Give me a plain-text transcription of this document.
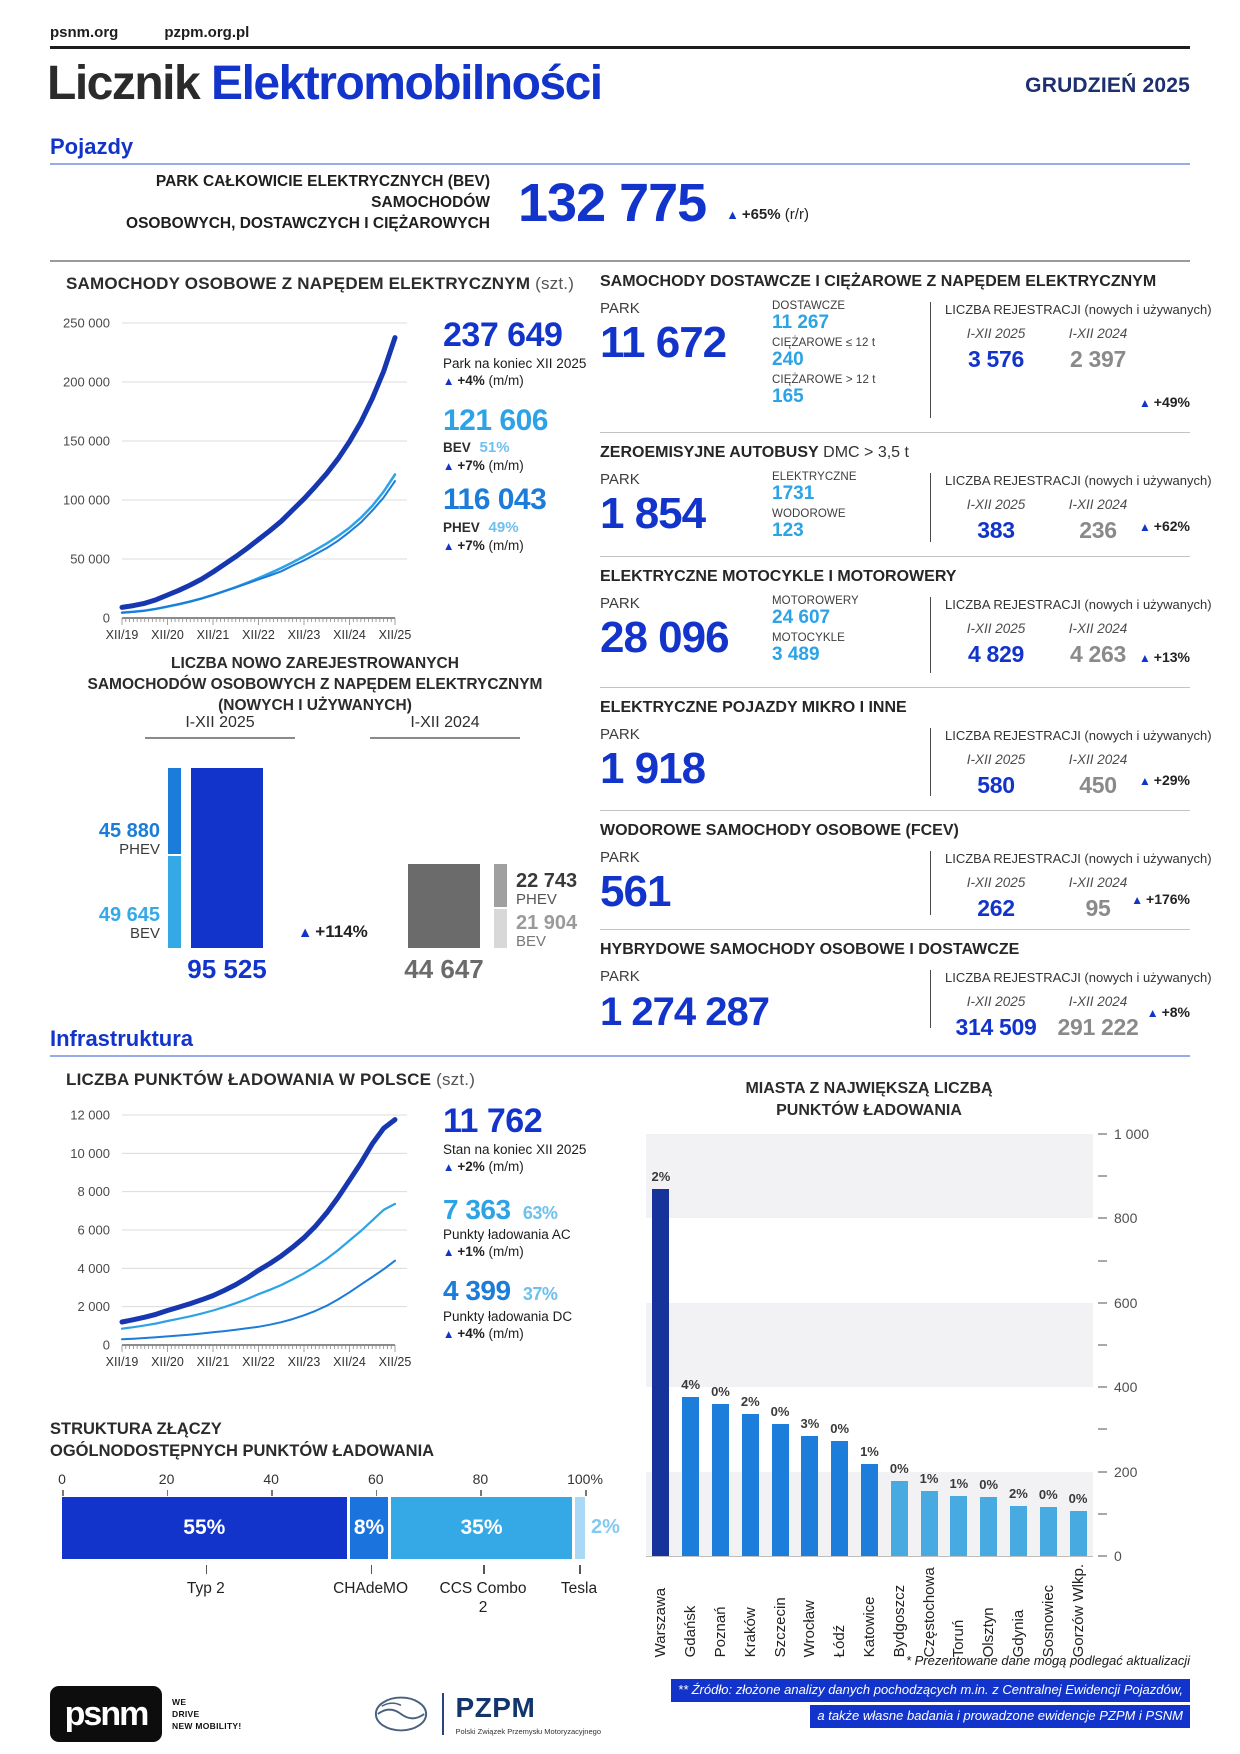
psnm.org	pzpm.org.pl
Licznik Elektromobilności	GRUDZIEŃ 2025
Pojazdy
PARK CAŁKOWICIE ELEKTRYCZNYCH (BEV) SAMOCHODÓW
OSOBOWYCH, DOSTAWCZYCH I CIĘŻAROWYCH 132 775 ▲ +65% (r/r)
SAMOCHODY OSOBOWE Z NAPĘDEM ELEKTRYCZNYM (szt.)
250 000
200 000
150 000
100 000
50 000
0
XII/19 XII/20 XII/21 XII/22 XII/23 XII/24 XII/25
237 649
Park na koniec XII 2025
▲ +4% (m/m)
121 606
BEV 51%
▲ +7% (m/m)
116 043
PHEV 49%
▲ +7% (m/m)
LICZBA NOWO ZAREJESTROWANYCH
SAMOCHODÓW OSOBOWYCH Z NAPĘDEM ELEKTRYCZNYM
(NOWYCH I UŻYWANYCH)
I-XII 2025	I-XII 2024
45 880
PHEV
49 645
BEV
95 525
▲ +114%
44 647
22 743
PHEV
21 904
BEV
SAMOCHODY DOSTAWCZE I CIĘŻAROWE Z NAPĘDEM ELEKTRYCZNYM
PARK
11 672
DOSTAWCZE
11 267
CIĘŻAROWE ≤ 12 t
240
CIĘŻAROWE > 12 t
165
LICZBA REJESTRACJI (nowych i używanych)
I-XII 2025
3 576
I-XII 2024
2 397
▲ +49%
ZEROEMISYJNE AUTOBUSY DMC > 3,5 t
PARK
1 854
ELEKTRYCZNE
1731
WODOROWE
123
LICZBA REJESTRACJI (nowych i używanych)
I-XII 2025
383
I-XII 2024
236	▲ +62%
ELEKTRYCZNE MOTOCYKLE I MOTOROWERY
PARK
28 096
MOTOROWERY
24 607
MOTOCYKLE
3 489
LICZBA REJESTRACJI (nowych i używanych)
I-XII 2025
4 829
I-XII 2024
4 263	▲ +13%
ELEKTRYCZNE POJAZDY MIKRO I INNE
PARK
1 918
LICZBA REJESTRACJI (nowych i używanych)
I-XII 2025
580
I-XII 2024
450	▲ +29%
WODOROWE SAMOCHODY OSOBOWE (FCEV)
PARK
561
LICZBA REJESTRACJI (nowych i używanych)
I-XII 2025
262
I-XII 2024
95	▲ +176%
HYBRYDOWE SAMOCHODY OSOBOWE I DOSTAWCZE
PARK
1 274 287
LICZBA REJESTRACJI (nowych i używanych)
I-XII 2025
314 509
I-XII 2024
291 222
▲ +8%
Infrastruktura
LICZBA PUNKTÓW ŁADOWANIA W POLSCE (szt.)
12 000
10 000
8 000
6 000
4 000
2 000
0
XII/19 XII/20 XII/21 XII/22 XII/23 XII/24 XII/25
11 762
Stan na koniec XII 2025
▲ +2% (m/m)
7 363 63%
Punkty ładowania AC
▲ +1% (m/m)
4 399 37%
Punkty ładowania DC
▲ +4% (m/m)
STRUKTURA ZŁĄCZY
OGÓLNODOSTĘPNYCH PUNKTÓW ŁADOWANIA
0	20	40	60	80	100%
55%	8%	35%	2%
Typ 2	CHAdeMO	CCS Combo 2
Tesla
MIASTA Z NAJWIĘKSZĄ LICZBĄ
PUNKTÓW ŁADOWANIA
2%
4% 0%
2%
0%
3% 0%
1%
0%
1% 1% 0%
2% 0% 0%
Warszawa Gdańsk Poznań Kraków Szczecin Wrocław Łódź Katowice Bydgoszcz Częstochowa Toruń Olsztyn Gdynia Sosnowiec Gorzów Wlkp.
0
200
400
600
800
1 000
* Prezentowane dane mogą podlegać aktualizacji
** Źródło: złożone analizy danych pochodzących m.in. z Centralnej Ewidencji Pojazdów,
a także własne badania i prowadzone ewidencje PZPM i PSNM
psnm	WE
DRIVE
NEW MOBILITY!
PZPM
Polski Związek Przemysłu Motoryzacyjnego
